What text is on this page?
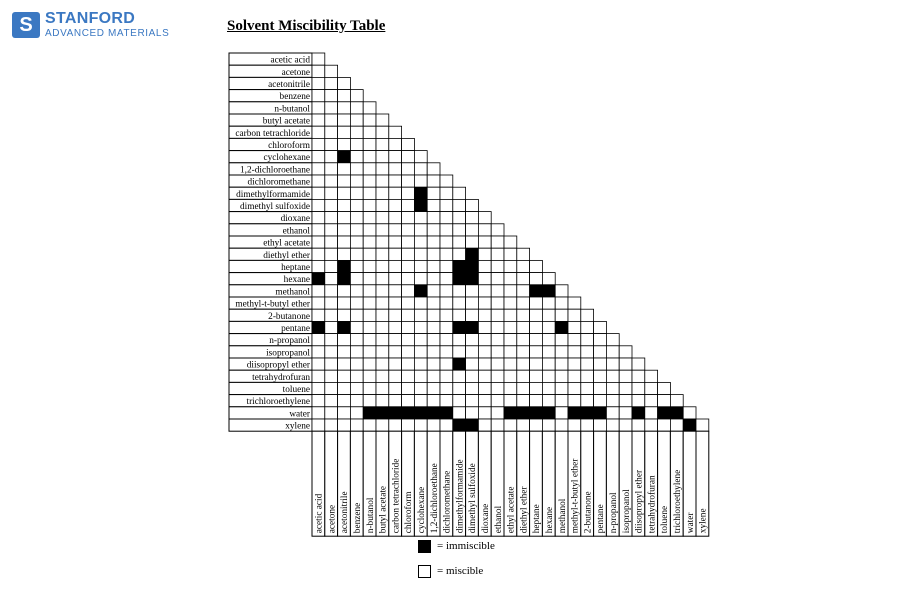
S STANFORD
ADVANCED MATERIALS	Solvent Miscibility Table
acetic acid
acetone
acetonitrile
benzene
n-butanol
butyl acetate
carbon tetrachloride
chloroform
cyclohexane
1,2-dichloroethane
dichloromethane
dimethylformamide
dimethyl sulfoxide
dioxane
ethanol
ethyl acetate
diethyl ether
heptane
hexane
methanol
methyl-t-butyl ether
2-butanone
pentane
n-propanol
isopropanol
diisopropyl ether
tetrahydrofuran
toluene
trichloroethylene
water
xylene
acetic acid acetone acetonitrile benzene n-butanol butyl acetate carbon tetrachloride chloroform cyclohexane 1,2-dichloroethane dichloromethane dimethylformamide dimethyl sulfoxide dioxane ethanol ethyl acetate diethyl ether heptane hexane methanol methyl-t-butyl ether 2-butanone pentane n-propanol isopropanol diisopropyl ether tetrahydrofuran toluene trichloroethylene water xylene
= immiscible
= miscible
